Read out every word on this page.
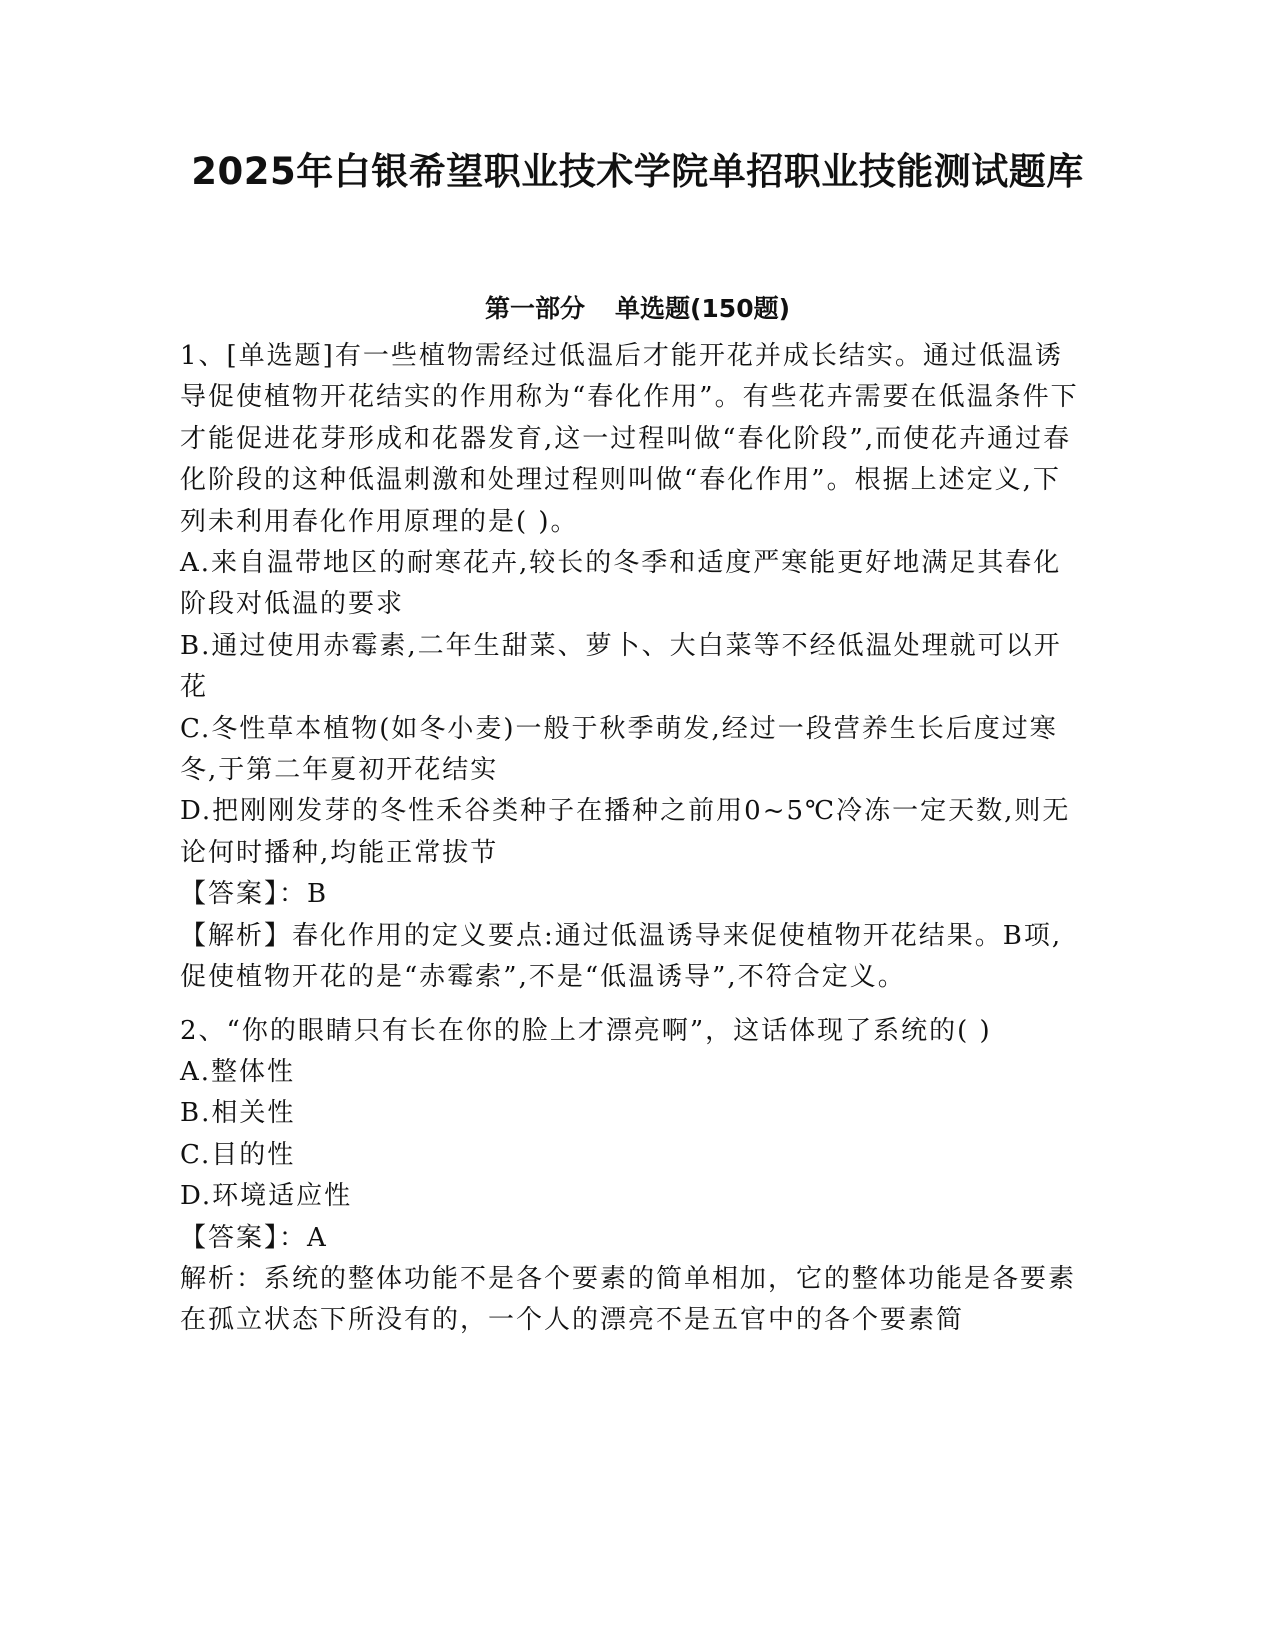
2025年白银希望职业技术学院单招职业技能测试题库
第一部分 单选题(150题)

1、[单选题]有一些植物需经过低温后才能开花并成长结实。通过低温诱导促使植物开花结实的作用称为“春化作用”。有些花卉需要在低温条件下才能促进花芽形成和花器发育,这一过程叫做“春化阶段”,而使花卉通过春化阶段的这种低温刺激和处理过程则叫做“春化作用”。根据上述定义,下列未利用春化作用原理的是( )。

A.来自温带地区的耐寒花卉,较长的冬季和适度严寒能更好地满足其春化阶段对低温的要求

B.通过使用赤霉素,二年生甜菜、萝卜、大白菜等不经低温处理就可以开花

C.冬性草本植物(如冬小麦)一般于秋季萌发,经过一段营养生长后度过寒冬,于第二年夏初开花结实

D.把刚刚发芽的冬性禾谷类种子在播种之前用0~5℃冷冻一定天数,则无论何时播种,均能正常拔节

【答案】：B

【解析】春化作用的定义要点:通过低温诱导来促使植物开花结果。B项,促使植物开花的是“赤霉索”,不是“低温诱导”,不符合定义。

2、“你的眼睛只有长在你的脸上才漂亮啊”，这话体现了系统的( )

A.整体性

B.相关性

C.目的性

D.环境适应性

【答案】：A

解析：系统的整体功能不是各个要素的简单相加，它的整体功能是各要素在孤立状态下所没有的，一个人的漂亮不是五官中的各个要素简
